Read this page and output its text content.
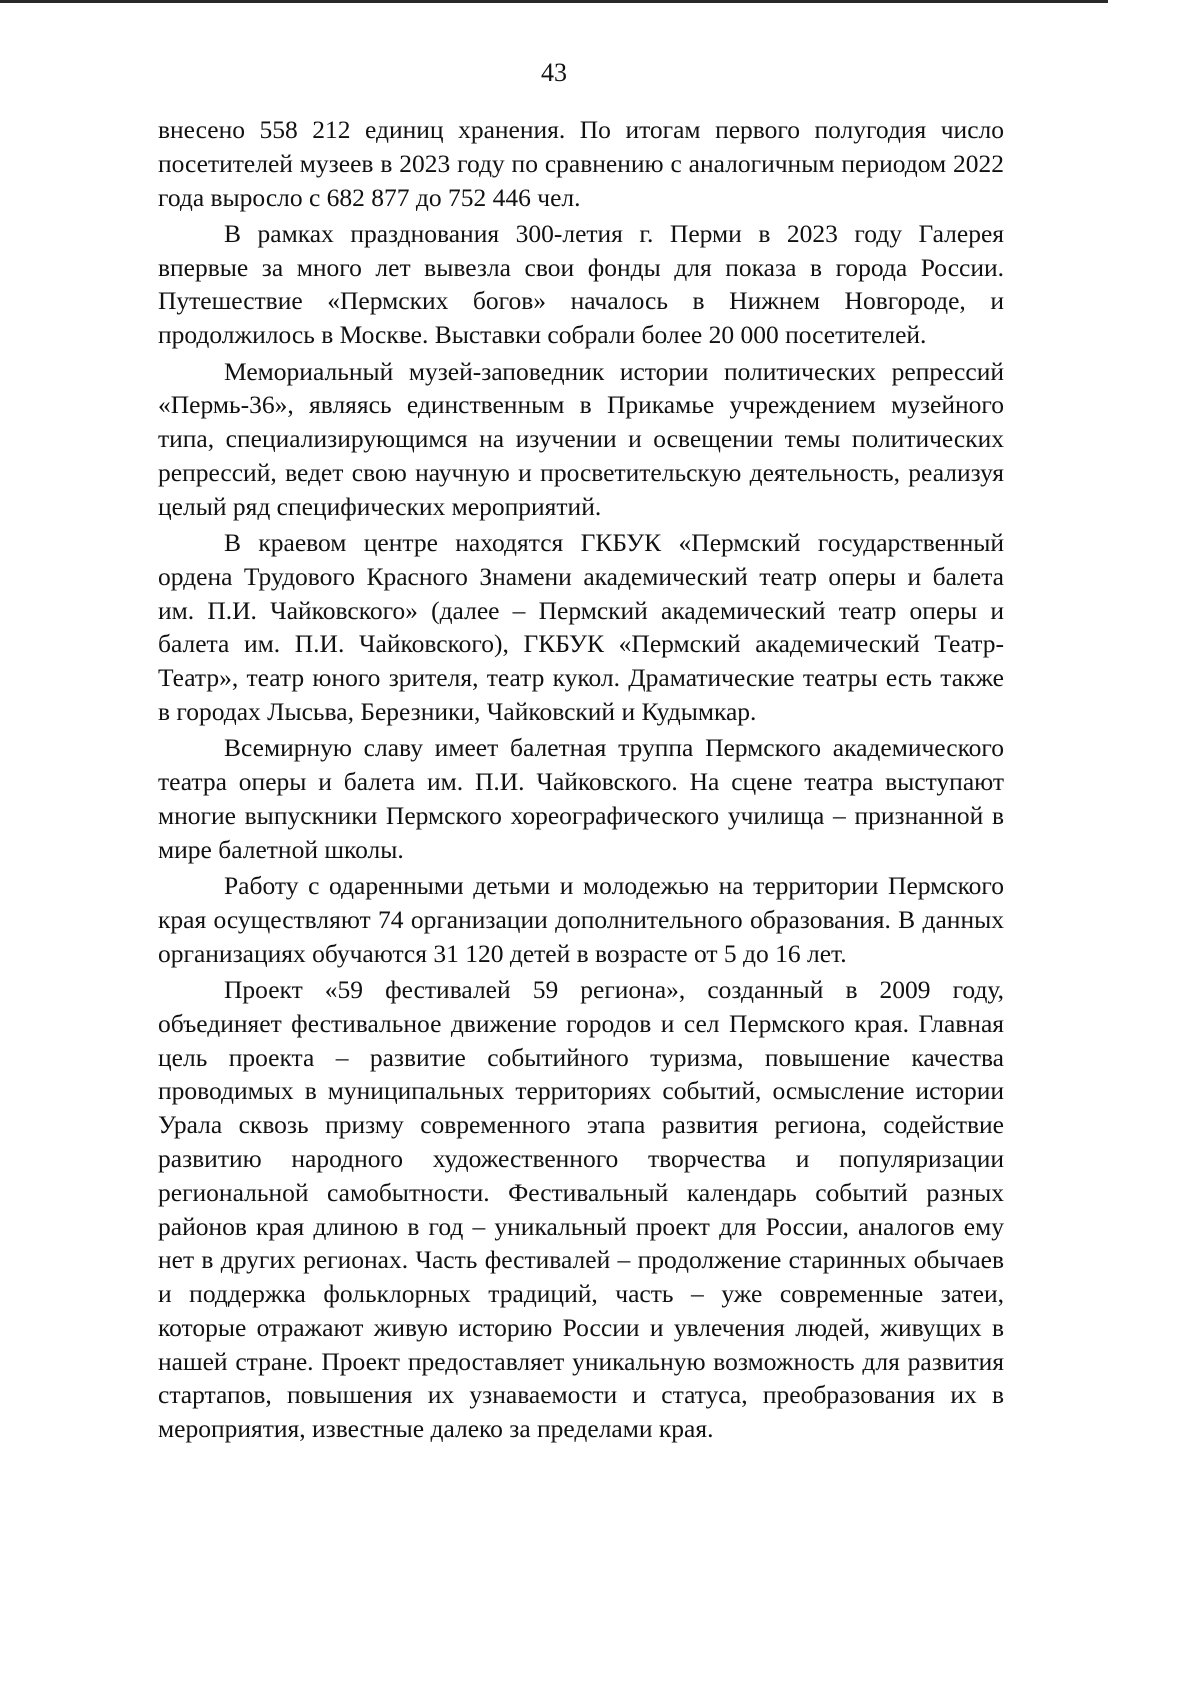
43

внесено 558 212 единиц хранения. По итогам первого полугодия число посетителей музеев в 2023 году по сравнению с аналогичным периодом 2022 года выросло с 682 877 до 752 446 чел.

В рамках празднования 300-летия г. Перми в 2023 году Галерея впервые за много лет вывезла свои фонды для показа в города России. Путешествие «Пермских богов» началось в Нижнем Новгороде, и продолжилось в Москве. Выставки собрали более 20 000 посетителей.

Мемориальный музей-заповедник истории политических репрессий «Пермь-36», являясь единственным в Прикамье учреждением музейного типа, специализирующимся на изучении и освещении темы политических репрессий, ведет свою научную и просветительскую деятельность, реализуя целый ряд специфических мероприятий.

В краевом центре находятся ГКБУК «Пермский государственный ордена Трудового Красного Знамени академический театр оперы и балета им. П.И. Чайковского» (далее – Пермский академический театр оперы и балета им. П.И. Чайковского), ГКБУК «Пермский академический Театр-Театр», театр юного зрителя, театр кукол. Драматические театры есть также в городах Лысьва, Березники, Чайковский и Кудымкар.

Всемирную славу имеет балетная труппа Пермского академического театра оперы и балета им. П.И. Чайковского. На сцене театра выступают многие выпускники Пермского хореографического училища – признанной в мире балетной школы.

Работу с одаренными детьми и молодежью на территории Пермского края осуществляют 74 организации дополнительного образования. В данных организациях обучаются 31 120 детей в возрасте от 5 до 16 лет.

Проект «59 фестивалей 59 региона», созданный в 2009 году, объединяет фестивальное движение городов и сел Пермского края. Главная цель проекта – развитие событийного туризма, повышение качества проводимых в муниципальных территориях событий, осмысление истории Урала сквозь призму современного этапа развития региона, содействие развитию народного художественного творчества и популяризации региональной самобытности. Фестивальный календарь событий разных районов края длиною в год – уникальный проект для России, аналогов ему нет в других регионах. Часть фестивалей – продолжение старинных обычаев и поддержка фольклорных традиций, часть – уже современные затеи, которые отражают живую историю России и увлечения людей, живущих в нашей стране. Проект предоставляет уникальную возможность для развития стартапов, повышения их узнаваемости и статуса, преобразования их в мероприятия, известные далеко за пределами края.
